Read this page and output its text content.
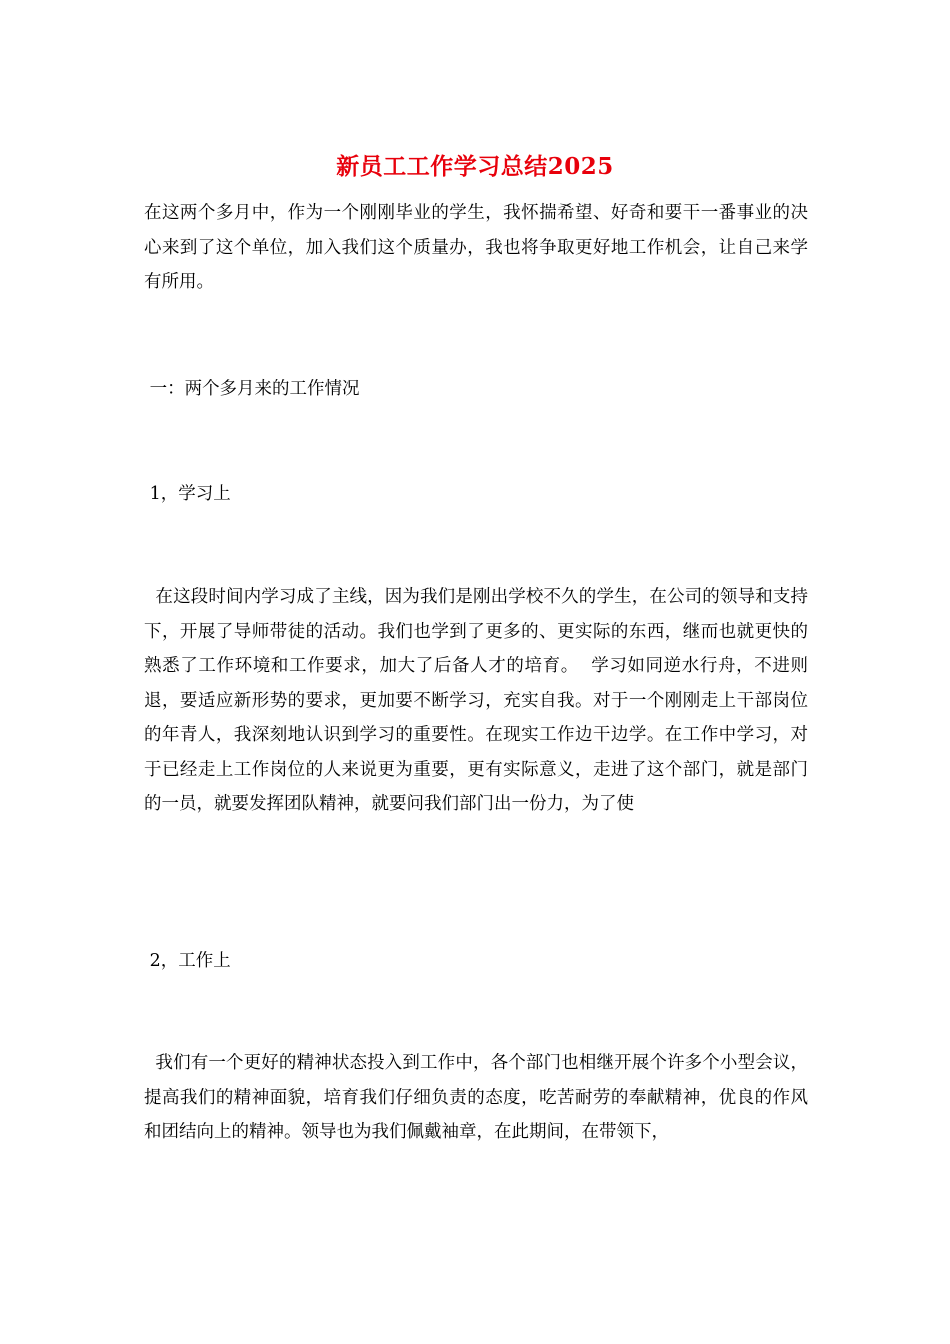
新员工工作学习总结2025

在这两个多月中，作为一个刚刚毕业的学生，我怀揣希望、好奇和要干一番事业的决心来到了这个单位，加入我们这个质量办，我也将争取更好地工作机会，让自己来学有所用。

一：两个多月来的工作情况

1，学习上

在这段时间内学习成了主线，因为我们是刚出学校不久的学生，在公司的领导和支持下，开展了导师带徒的活动。我们也学到了更多的、更实际的东西，继而也就更快的熟悉了工作环境和工作要求，加大了后备人才的培育。  学习如同逆水行舟，不进则退，要适应新形势的要求，更加要不断学习，充实自我。对于一个刚刚走上干部岗位的年青人，我深刻地认识到学习的重要性。在现实工作边干边学。在工作中学习，对于已经走上工作岗位的人来说更为重要，更有实际意义，走进了这个部门，就是部门的一员，就要发挥团队精神，就要问我们部门出一份力，为了使

2，工作上

我们有一个更好的精神状态投入到工作中，各个部门也相继开展个许多个小型会议，提高我们的精神面貌，培育我们仔细负责的态度，吃苦耐劳的奉献精神，优良的作风和团结向上的精神。领导也为我们佩戴袖章，在此期间，在带领下，
